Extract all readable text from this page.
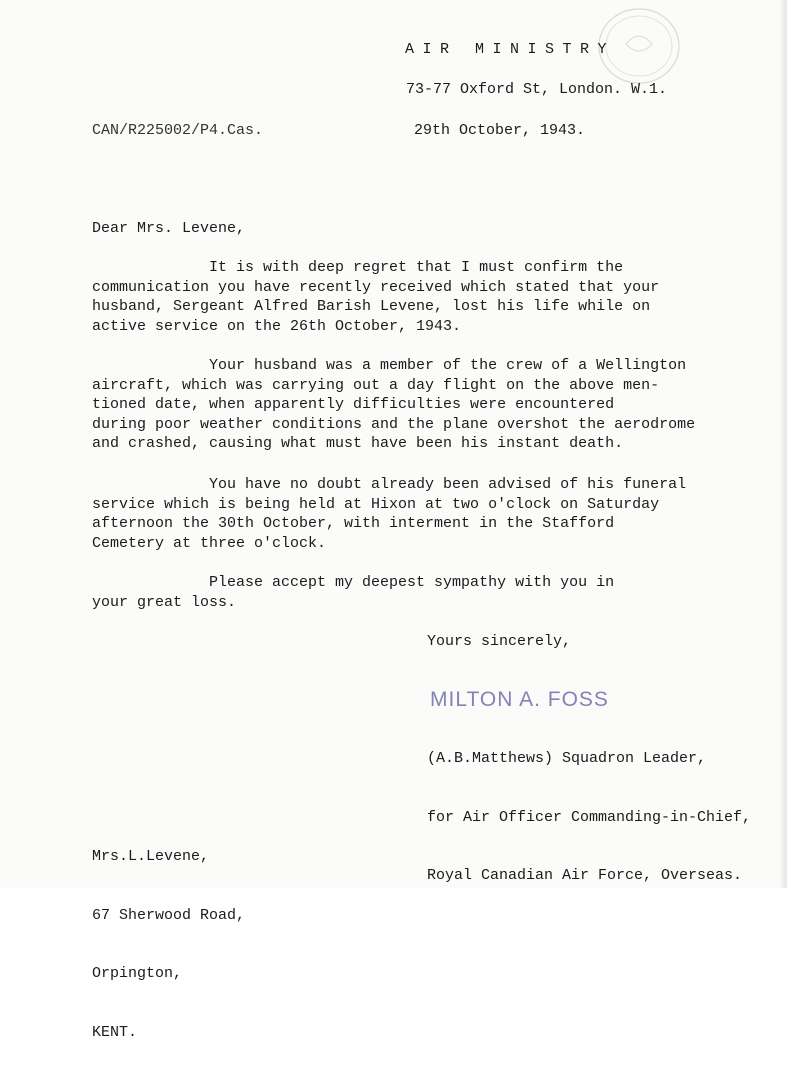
AIR MINISTRY
73-77 Oxford St, London. W.1.
CAN/R225002/P4.Cas.	29th October, 1943.
Dear Mrs. Levene,
It is with deep regret that I must confirm the
communication you have recently received which stated that your
husband, Sergeant Alfred Barish Levene, lost his life while on
active service on the 26th October, 1943.
Your husband was a member of the crew of a Wellington
aircraft, which was carrying out a day flight on the above men-
tioned date, when apparently difficulties were encountered
during poor weather conditions and the plane overshot the aerodrome
and crashed, causing what must have been his instant death.
You have no doubt already been advised of his funeral
service which is being held at Hixon at two o'clock on Saturday
afternoon the 30th October, with interment in the Stafford
Cemetery at three o'clock.
Please accept my deepest sympathy with you in
your great loss.
Yours sincerely,
MILTON A. FOSS

(A.B.Matthews) Squadron Leader,

for Air Officer Commanding-in-Chief,

Royal Canadian Air Force, Overseas.

Mrs.L.Levene,

67 Sherwood Road,

Orpington,

KENT.
